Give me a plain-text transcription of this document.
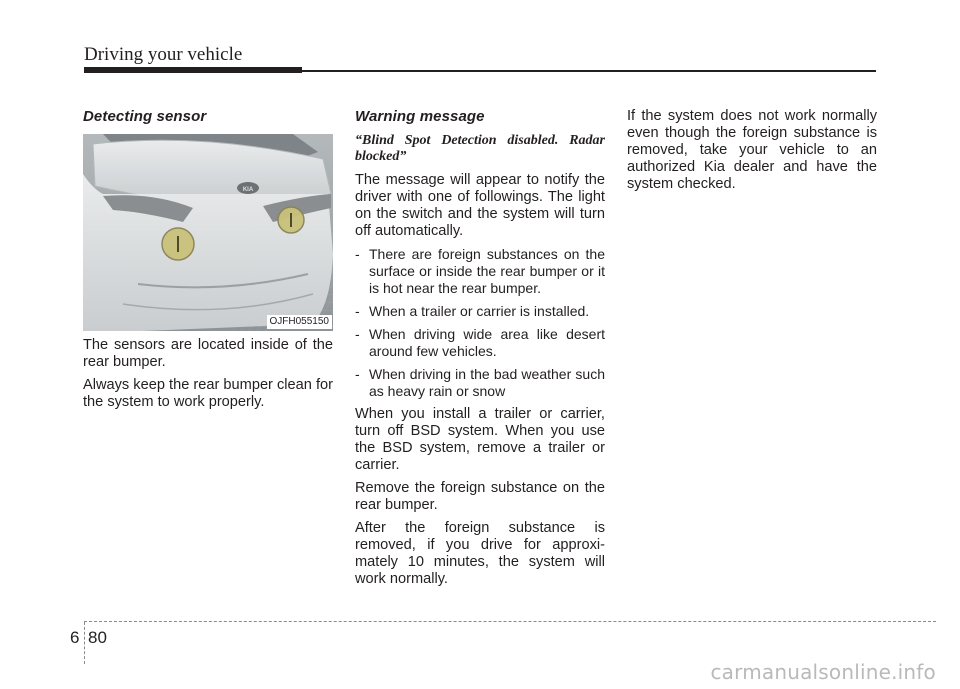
Driving your vehicle
Detecting sensor
KIA
OJFH055150

The sensors are located inside of the rear bumper.

Always keep the rear bumper clean for the system to work properly.

Warning message
“Blind Spot Detection disabled. Radar blocked”

The message will appear to notify the driver with one of followings. The light on the switch and the system will turn off automatically.

- There are foreign substances on the surface or inside the rear bumper or it is hot near the rear bumper.
- When a trailer or carrier is installed.
- When driving wide area like desert around few vehicles.
- When driving in the bad weather such as heavy rain or snow

When you install a trailer or carrier, turn off BSD system. When you use the BSD system, remove a trailer or carrier.

Remove the foreign substance on the rear bumper.

After the foreign substance is removed, if you drive for approxi-mately 10 minutes, the system will work normally.

If the system does not work normally even though the foreign substance is removed, take your vehicle to an authorized Kia dealer and have the system checked.

6 80
carmanualsonline.info
